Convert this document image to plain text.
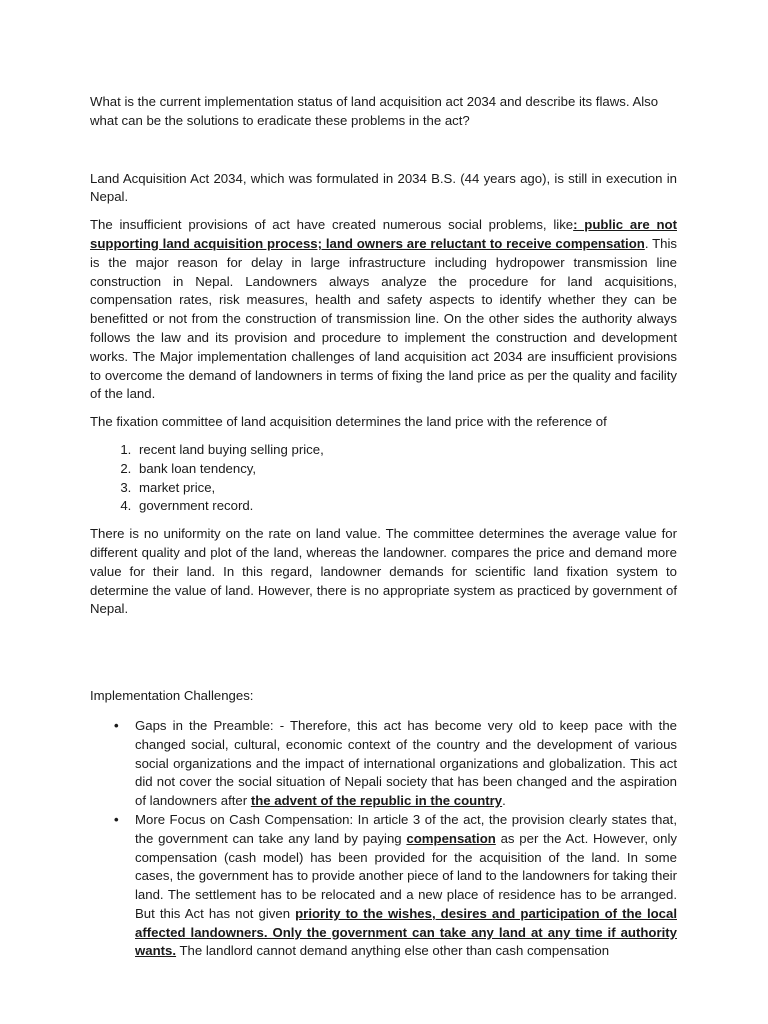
What is the current implementation status of land acquisition act 2034 and describe its flaws. Also what can be the solutions to eradicate these problems in the act?

Land Acquisition Act 2034, which was formulated in 2034 B.S. (44 years ago), is still in execution in Nepal.

The insufficient provisions of act have created numerous social problems, like: public are not supporting land acquisition process; land owners are reluctant to receive compensation. This is the major reason for delay in large infrastructure including hydropower transmission line construction in Nepal. Landowners always analyze the procedure for land acquisitions, compensation rates, risk measures, health and safety aspects to identify whether they can be benefitted or not from the construction of transmission line. On the other sides the authority always follows the law and its provision and procedure to implement the construction and development works. The Major implementation challenges of land acquisition act 2034 are insufficient provisions to overcome the demand of landowners in terms of fixing the land price as per the quality and facility of the land.

The fixation committee of land acquisition determines the land price with the reference of

1. recent land buying selling price,
2. bank loan tendency,
3. market price,
4. government record.

There is no uniformity on the rate on land value. The committee determines the average value for different quality and plot of the land, whereas the landowner. compares the price and demand more value for their land. In this regard, landowner demands for scientific land fixation system to determine the value of land. However, there is no appropriate system as practiced by government of Nepal.

Implementation Challenges:

• Gaps in the Preamble: - Therefore, this act has become very old to keep pace with the changed social, cultural, economic context of the country and the development of various social organizations and the impact of international organizations and globalization. This act did not cover the social situation of Nepali society that has been changed and the aspiration of landowners after the advent of the republic in the country.
• More Focus on Cash Compensation: In article 3 of the act, the provision clearly states that, the government can take any land by paying compensation as per the Act. However, only compensation (cash model) has been provided for the acquisition of the land. In some cases, the government has to provide another piece of land to the landowners for taking their land. The settlement has to be relocated and a new place of residence has to be arranged. But this Act has not given priority to the wishes, desires and participation of the local affected landowners. Only the government can take any land at any time if authority wants. The landlord cannot demand anything else other than cash compensation
